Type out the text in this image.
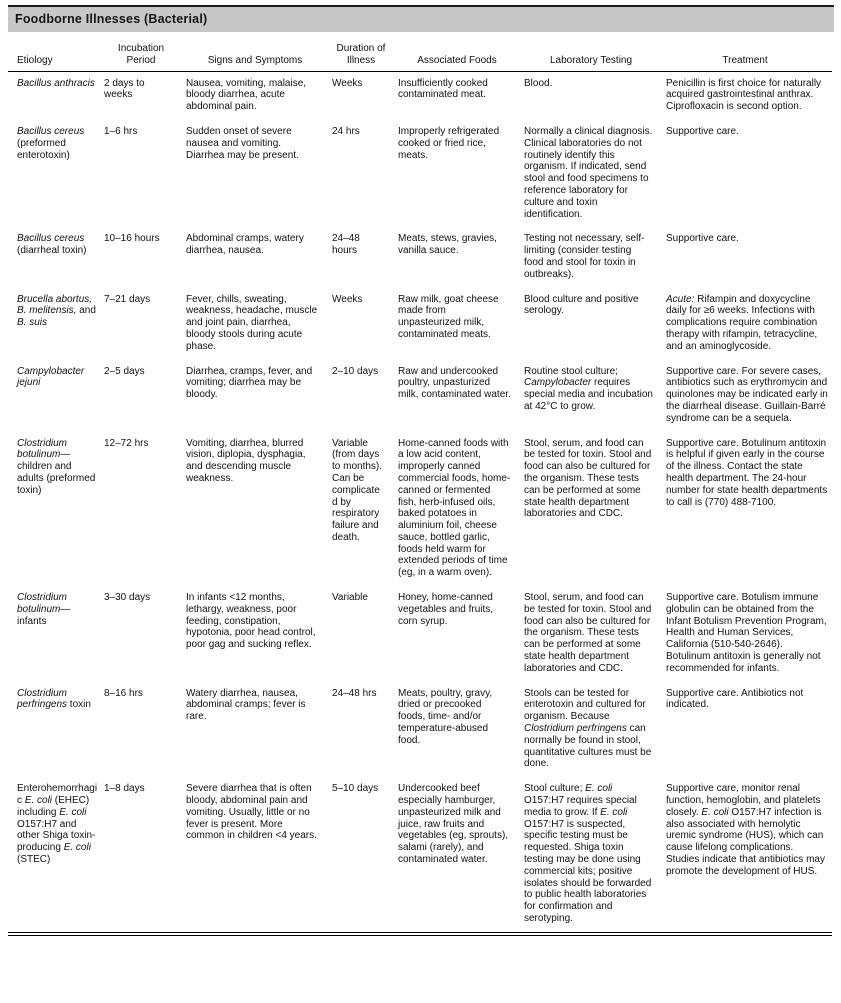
Foodborne Illnesses (Bacterial)
Etiology	Incubation Period	Signs and Symptoms	Duration of Illness	Associated Foods	Laboratory Testing	Treatment
Bacillus anthracis	2 days to weeks	Nausea, vomiting, malaise, bloody diarrhea, acute abdominal pain.	Weeks	Insufficiently cooked contaminated meat.	Blood.	Penicillin is first choice for naturally acquired gastrointestinal anthrax. Ciprofloxacin is second option.
Bacillus cereus (preformed enterotoxin)	1–6 hrs	Sudden onset of severe nausea and vomiting. Diarrhea may be present.	24 hrs	Improperly refrigerated cooked or fried rice, meats.	Normally a clinical diagnosis. Clinical laboratories do not routinely identify this organism. If indicated, send stool and food specimens to reference laboratory for culture and toxin identification.	Supportive care.
Bacillus cereus (diarrheal toxin)	10–16 hours	Abdominal cramps, watery diarrhea, nausea.	24–48 hours	Meats, stews, gravies, vanilla sauce.	Testing not necessary, self-limiting (consider testing food and stool for toxin in outbreaks).	Supportive care.
Brucella abortus, B. melitensis, and B. suis	7–21 days	Fever, chills, sweating, weakness, headache, muscle and joint pain, diarrhea, bloody stools during acute phase.	Weeks	Raw milk, goat cheese made from unpasteurized milk, contaminated meats.	Blood culture and positive serology.	Acute: Rifampin and doxycycline daily for ≥6 weeks. Infections with complications require combination therapy with rifampin, tetracycline, and an aminoglycoside.
Campylobacter jejuni	2–5 days	Diarrhea, cramps, fever, and vomiting; diarrhea may be bloody.	2–10 days	Raw and undercooked poultry, unpasturized milk, contaminated water.	Routine stool culture; Campylobacter requires special media and incubation at 42°C to grow.	Supportive care. For severe cases, antibiotics such as erythromycin and quinolones may be indicated early in the diarrheal disease. Guillain-Barré syndrome can be a sequela.
Clostridium botulinum—children and adults (preformed toxin)	12–72 hrs	Vomiting, diarrhea, blurred vision, diplopia, dysphagia, and descending muscle weakness.	Variable (from days to months). Can be complicated by respiratory failure and death.	Home-canned foods with a low acid content, improperly canned commercial foods, home-canned or fermented fish, herb-infused oils, baked potatoes in aluminium foil, cheese sauce, bottled garlic, foods held warm for extended periods of time (eg, in a warm oven).	Stool, serum, and food can be tested for toxin. Stool and food can also be cultured for the organism. These tests can be performed at some state health department laboratories and CDC.	Supportive care. Botulinum antitoxin is helpful if given early in the course of the illness. Contact the state health department. The 24-hour number for state health departments to call is (770) 488-7100.
Clostridium botulinum—infants	3–30 days	In infants <12 months, lethargy, weakness, poor feeding, constipation, hypotonia, poor head control, poor gag and sucking reflex.	Variable	Honey, home-canned vegetables and fruits, corn syrup.	Stool, serum, and food can be tested for toxin. Stool and food can also be cultured for the organism. These tests can be performed at some state health department laboratories and CDC.	Supportive care. Botulism immune globulin can be obtained from the Infant Botulism Prevention Program, Health and Human Services, California (510-540-2646). Botulinum antitoxin is generally not recommended for infants.
Clostridium perfringens toxin	8–16 hrs	Watery diarrhea, nausea, abdominal cramps; fever is rare.	24–48 hrs	Meats, poultry, gravy, dried or precooked foods, time- and/or temperature-abused food.	Stools can be tested for enterotoxin and cultured for organism. Because Clostridium perfringens can normally be found in stool, quantitative cultures must be done.	Supportive care. Antibiotics not indicated.
Enterohemorrhagic E. coli (EHEC) including E. coli O157:H7 and other Shiga toxin-producing E. coli (STEC)	1–8 days	Severe diarrhea that is often bloody, abdominal pain and vomiting. Usually, little or no fever is present. More common in children <4 years.	5–10 days	Undercooked beef especially hamburger, unpasteurized milk and juice, raw fruits and vegetables (eg, sprouts), salami (rarely), and contaminated water.	Stool culture; E. coli O157:H7 requires special media to grow. If E. coli O157:H7 is suspected, specific testing must be requested. Shiga toxin testing may be done using commercial kits; positive isolates should be forwarded to public health laboratories for confirmation and serotyping.	Supportive care, monitor renal function, hemoglobin, and platelets closely. E. coli O157:H7 infection is also associated with hemolytic uremic syndrome (HUS), which can cause lifelong complications. Studies indicate that antibiotics may promote the development of HUS.
